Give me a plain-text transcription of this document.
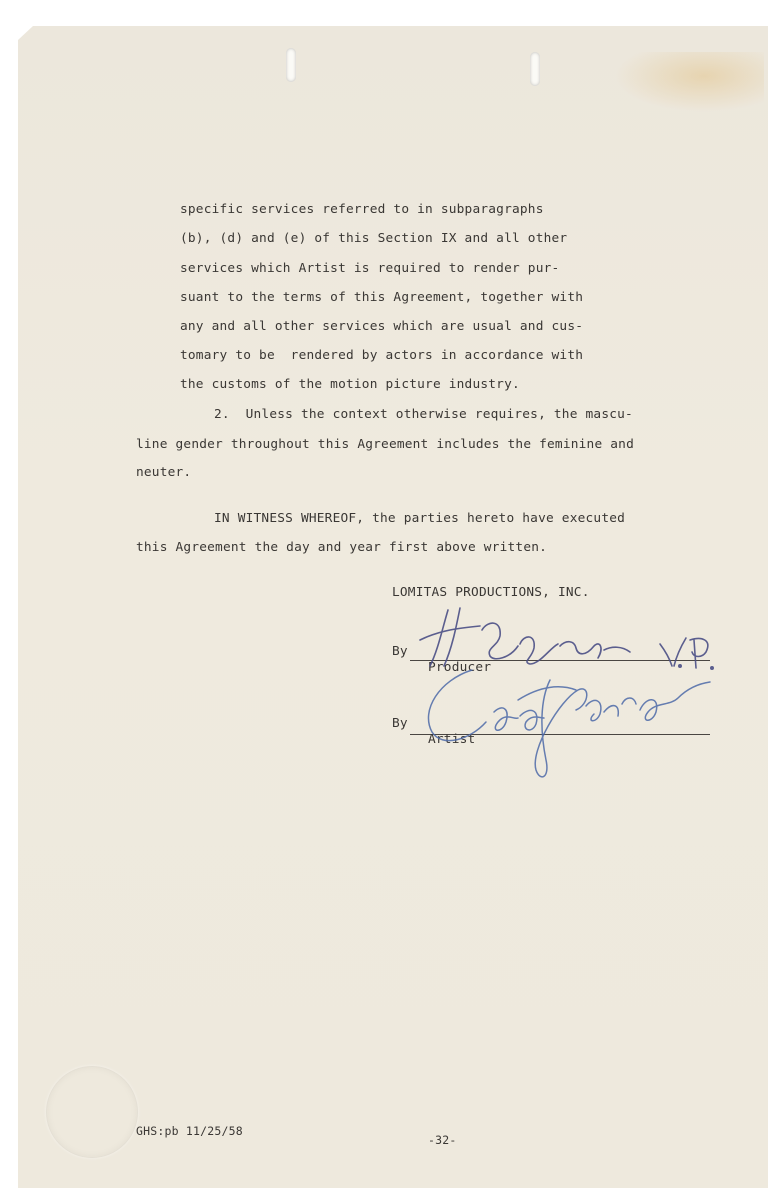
specific services referred to in subparagraphs
(b), (d) and (e) of this Section IX and all other
services which Artist is required to render pur-
suant to the terms of this Agreement, together with
any and all other services which are usual and cus-
tomary to be  rendered by actors in accordance with
the customs of the motion picture industry.
2.  Unless the context otherwise requires, the mascu-
line gender throughout this Agreement includes the feminine and
neuter.
IN WITNESS WHEREOF, the parties hereto have executed
this Agreement the day and year first above written.
LOMITAS PRODUCTIONS, INC.
By
Producer
By
Artist
GHS:pb 11/25/58
-32-
